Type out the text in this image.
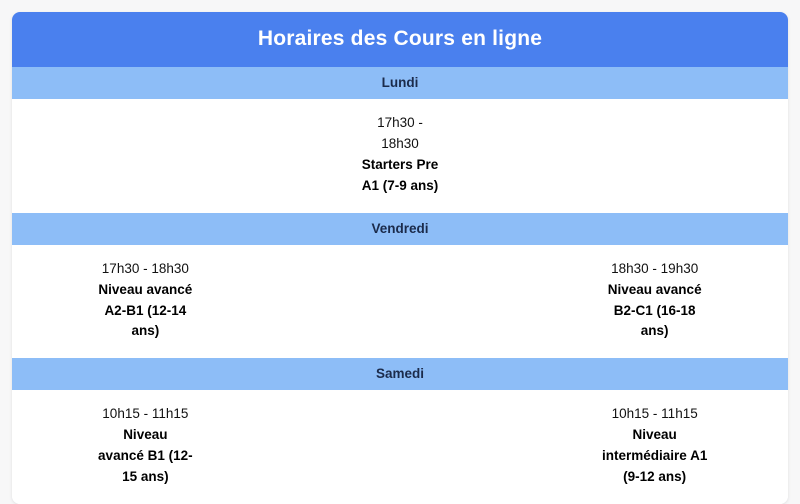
Horaires des Cours en ligne
Lundi
17h30 -
18h30
Starters Pre
A1 (7-9 ans)
Vendredi
17h30 - 18h30
Niveau avancé
A2-B1 (12-14
ans)
18h30 - 19h30
Niveau avancé
B2-C1 (16-18
ans)
Samedi
10h15 - 11h15
Niveau
avancé B1 (12-
15 ans)
10h15 - 11h15
Niveau
intermédiaire A1
(9-12 ans)
